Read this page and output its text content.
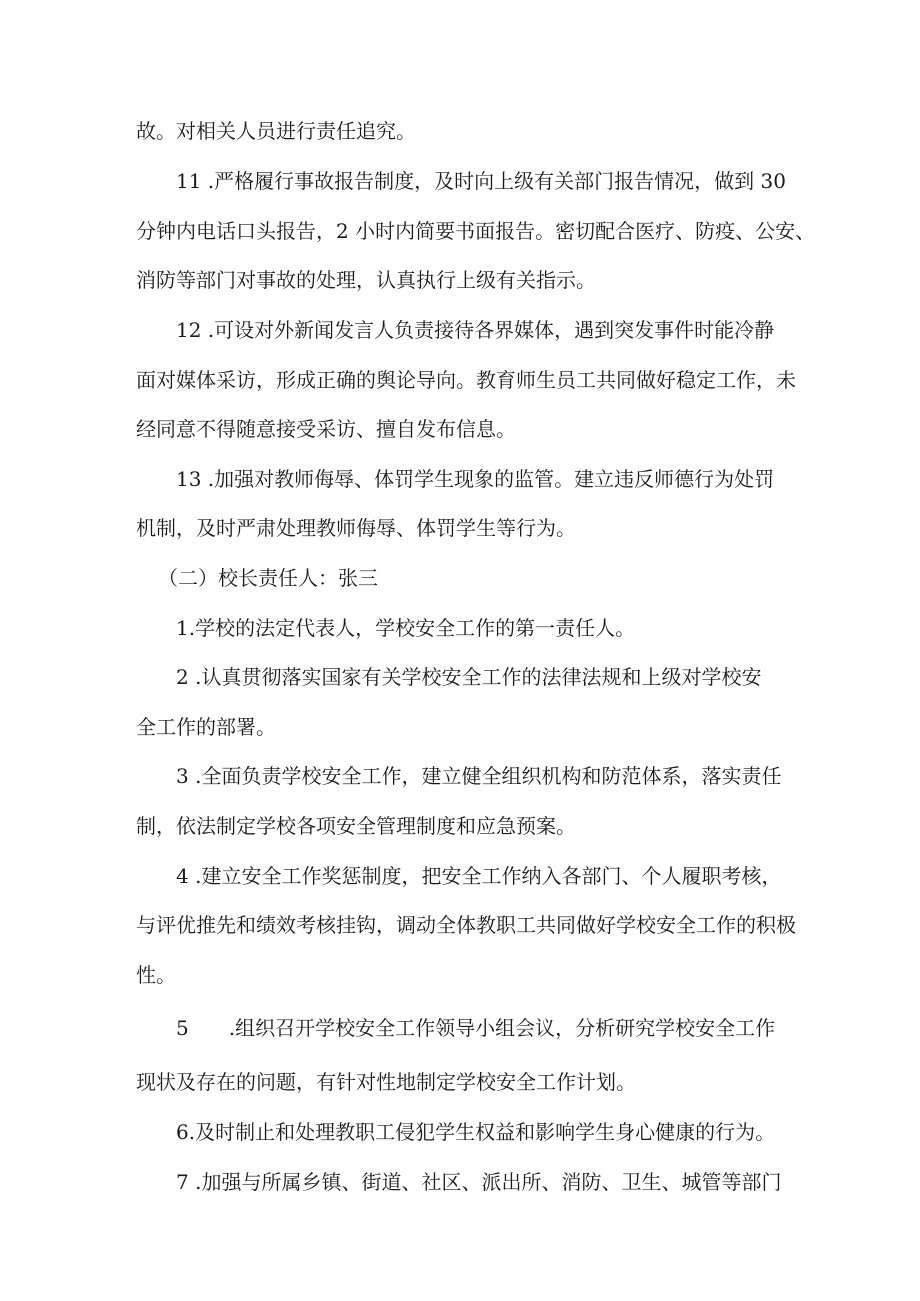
故。对相关人员进行责任追究。
11 .严格履行事故报告制度，及时向上级有关部门报告情况，做到 30
分钟内电话口头报告，2 小时内简要书面报告。密切配合医疗、防疫、公安、
消防等部门对事故的处理，认真执行上级有关指示。
12 .可设对外新闻发言人负责接待各界媒体，遇到突发事件时能冷静
面对媒体采访，形成正确的舆论导向。教育师生员工共同做好稳定工作，未
经同意不得随意接受采访、擅自发布信息。
13 .加强对教师侮辱、体罚学生现象的监管。建立违反师德行为处罚
机制，及时严肃处理教师侮辱、体罚学生等行为。
（二）校长责任人：张三
1.学校的法定代表人，学校安全工作的第一责任人。
2 .认真贯彻落实国家有关学校安全工作的法律法规和上级对学校安
全工作的部署。
3 .全面负责学校安全工作，建立健全组织机构和防范体系，落实责任
制，依法制定学校各项安全管理制度和应急预案。
4 .建立安全工作奖惩制度，把安全工作纳入各部门、个人履职考核，
与评优推先和绩效考核挂钩，调动全体教职工共同做好学校安全工作的积极
性。
5　　.组织召开学校安全工作领导小组会议，分析研究学校安全工作
现状及存在的问题，有针对性地制定学校安全工作计划。
6.及时制止和处理教职工侵犯学生权益和影响学生身心健康的行为。
7 .加强与所属乡镇、街道、社区、派出所、消防、卫生、城管等部门
